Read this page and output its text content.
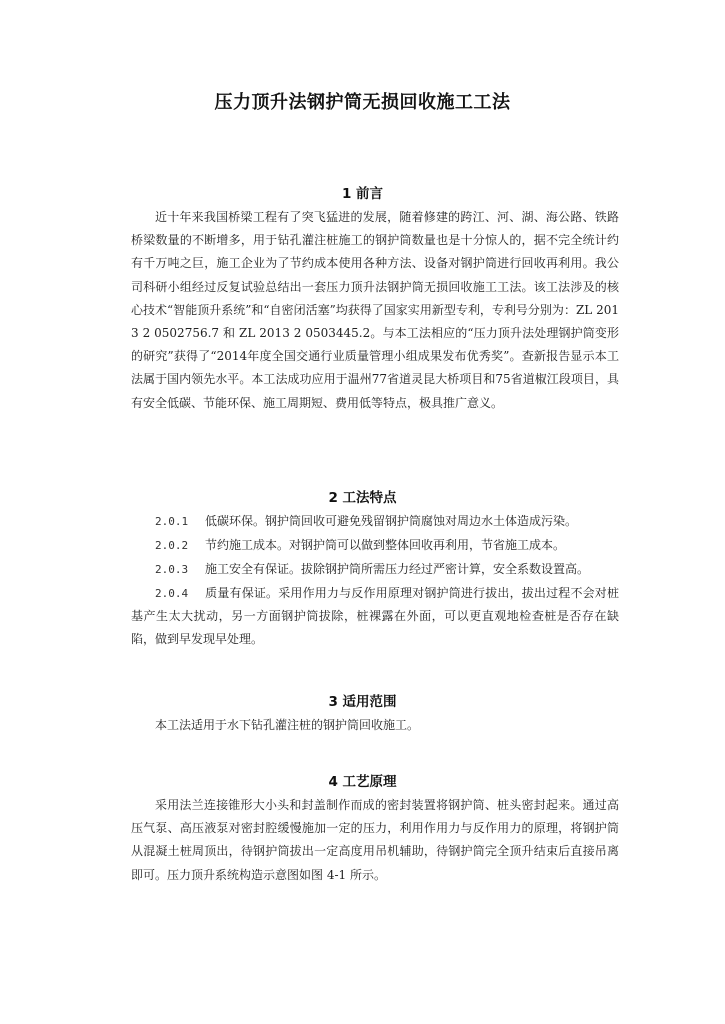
压力顶升法钢护筒无损回收施工工法
1 前言
近十年来我国桥梁工程有了突飞猛进的发展，随着修建的跨江、河、湖、海公路、铁路桥梁数量的不断增多，用于钻孔灌注桩施工的钢护筒数量也是十分惊人的，据不完全统计约有千万吨之巨，施工企业为了节约成本使用各种方法、设备对钢护筒进行回收再利用。我公司科研小组经过反复试验总结出一套压力顶升法钢护筒无损回收施工工法。该工法涉及的核心技术“智能顶升系统”和“自密闭活塞”均获得了国家实用新型专利，专利号分别为：ZL 2013 2 0502756.7 和 ZL 2013 2 0503445.2。与本工法相应的“压力顶升法处理钢护筒变形的研究”获得了“2014年度全国交通行业质量管理小组成果发布优秀奖”。查新报告显示本工法属于国内领先水平。本工法成功应用于温州77省道灵昆大桥项目和75省道椒江段项目，具有安全低碳、节能环保、施工周期短、费用低等特点，极具推广意义。
2 工法特点
2.0.1 低碳环保。钢护筒回收可避免残留钢护筒腐蚀对周边水土体造成污染。
2.0.2 节约施工成本。对钢护筒可以做到整体回收再利用，节省施工成本。
2.0.3 施工安全有保证。拔除钢护筒所需压力经过严密计算，安全系数设置高。
2.0.4 质量有保证。采用作用力与反作用原理对钢护筒进行拔出，拔出过程不会对桩基产生太大扰动，另一方面钢护筒拔除，桩裸露在外面，可以更直观地检查桩是否存在缺陷，做到早发现早处理。
3 适用范围
本工法适用于水下钻孔灌注桩的钢护筒回收施工。
4 工艺原理
采用法兰连接锥形大小头和封盖制作而成的密封装置将钢护筒、桩头密封起来。通过高压气泵、高压液泵对密封腔缓慢施加一定的压力，利用作用力与反作用力的原理，将钢护筒从混凝土桩周顶出，待钢护筒拔出一定高度用吊机辅助，待钢护筒完全顶升结束后直接吊离即可。压力顶升系统构造示意图如图 4-1 所示。
